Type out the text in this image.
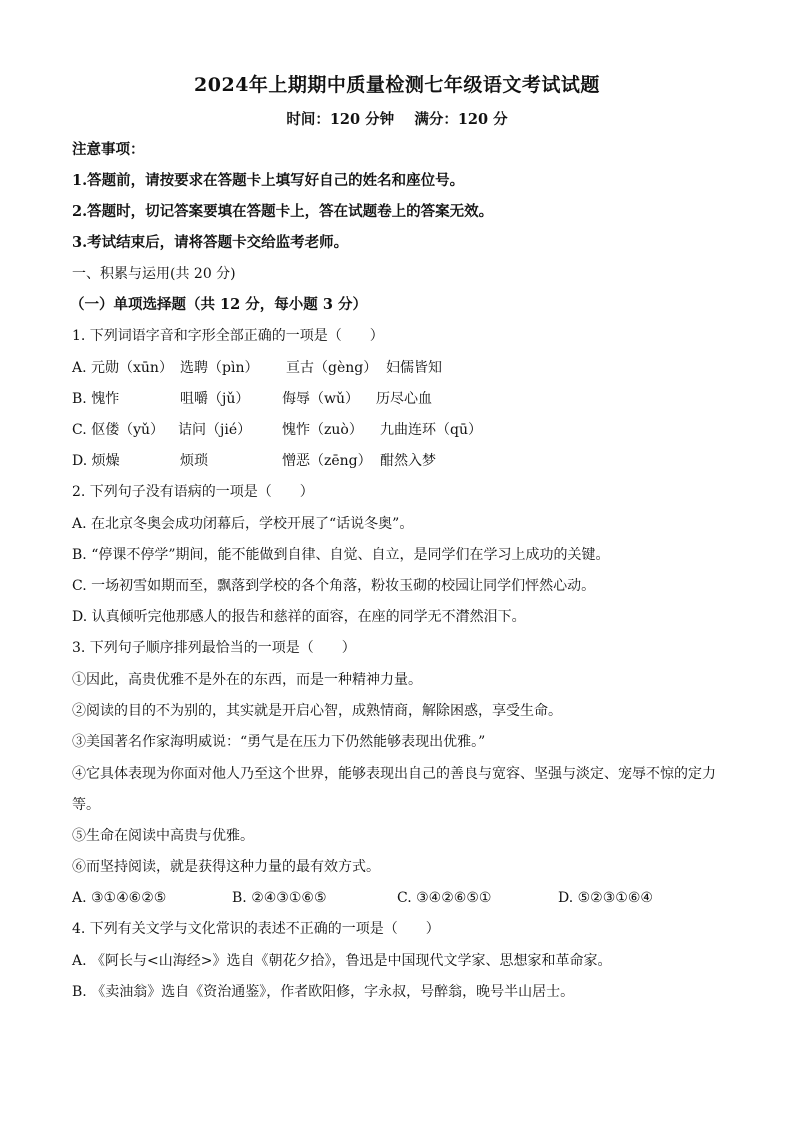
2024年上期期中质量检测七年级语文考试试题
时间：120 分钟    满分：120 分
注意事项：
1.答题前，请按要求在答题卡上填写好自己的姓名和座位号。
2.答题时，切记答案要填在答题卡上，答在试题卷上的答案无效。
3.考试结束后，请将答题卡交给监考老师。
一、积累与运用(共 20 分)
（一）单项选择题（共 12 分，每小题 3 分）
1. 下列词语字音和字形全部正确的一项是（　　）
A. 元勋（xūn） 选聘（pìn） 亘古（gèng） 妇儒皆知
B. 愧怍	咀嚼（jǔ） 侮辱（wǔ） 历尽心血
C. 伛偻（yǔ） 诘问（jié） 愧怍（zuò） 九曲连环（qū）
D. 烦燥	烦琐	憎恶（zēng） 酣然入梦
2. 下列句子没有语病的一项是（　　）
A. 在北京冬奥会成功闭幕后，学校开展了“话说冬奥”。
B. “停课不停学”期间，能不能做到自律、自觉、自立，是同学们在学习上成功的关键。
C. 一场初雪如期而至，飘落到学校的各个角落，粉妆玉砌的校园让同学们怦然心动。
D. 认真倾听完他那感人的报告和慈祥的面容，在座的同学无不潸然泪下。
3. 下列句子顺序排列最恰当的一项是（　　）
①因此，高贵优雅不是外在的东西，而是一种精神力量。
②阅读的目的不为别的，其实就是开启心智，成熟情商，解除困惑，享受生命。
③美国著名作家海明威说：“勇气是在压力下仍然能够表现出优雅。”
④它具体表现为你面对他人乃至这个世界，能够表现出自己的善良与宽容、坚强与淡定、宠辱不惊的定力
等。
⑤生命在阅读中高贵与优雅。
⑥而坚持阅读，就是获得这种力量的最有效方式。
A. ③①④⑥②⑤	B. ②④③①⑥⑤	C. ③④②⑥⑤①	D. ⑤②③①⑥④
4. 下列有关文学与文化常识的表述不正确的一项是（　　）
A. 《阿长与<山海经>》选自《朝花夕拾》，鲁迅是中国现代文学家、思想家和革命家。
B. 《卖油翁》选自《资治通鉴》，作者欧阳修，字永叔，号醉翁，晚号半山居士。
